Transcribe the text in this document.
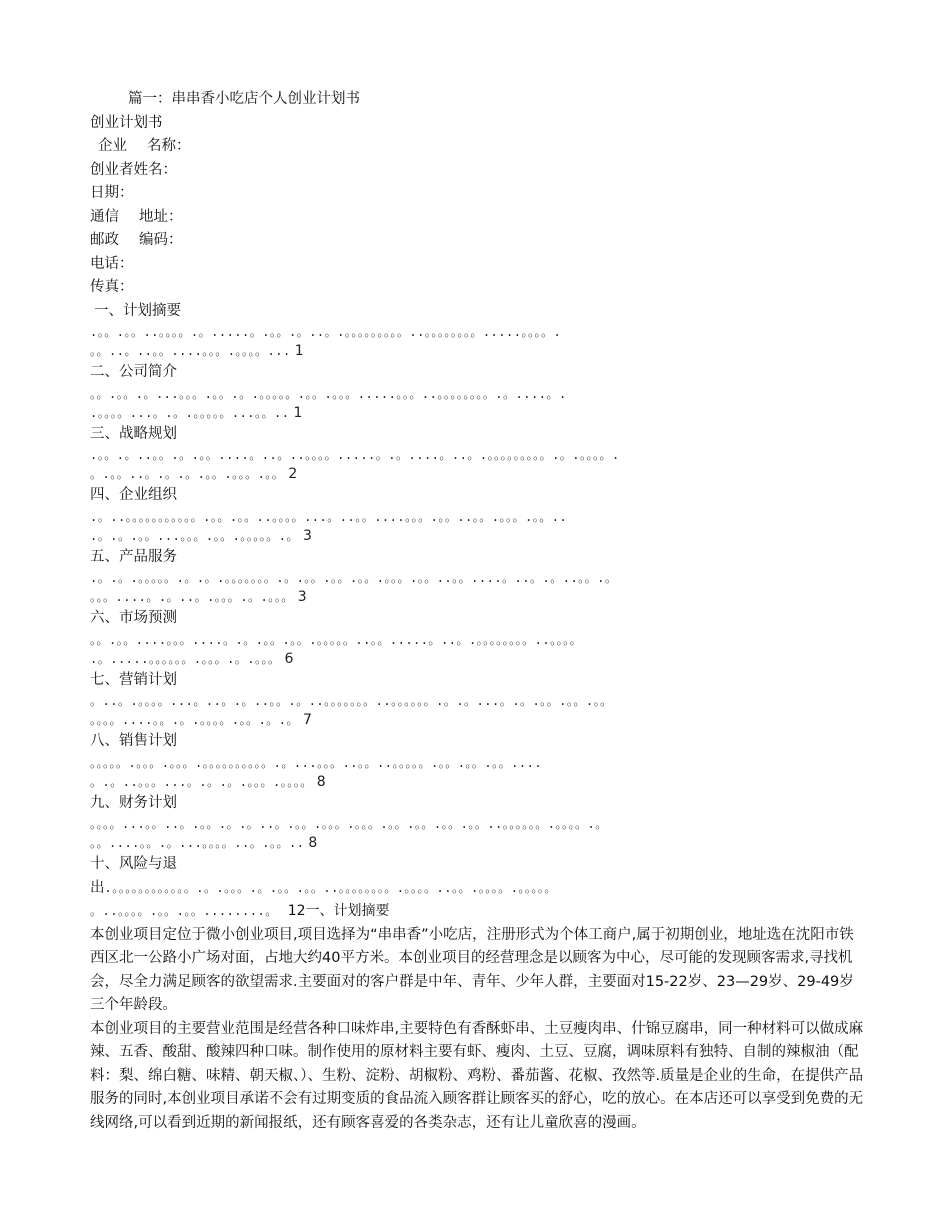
篇一：串串香小吃店个人创业计划书
创业计划书
企业 名称：
创业者姓名：
日期：
通信 地址：
邮政 编码：
电话：
传真：
一、计划摘要
.。。.。。..。。。。.。.....。.。。.。..。.。。。。。。。。。..。。。。。。。。.....。。。。.
。。..。..。。....。。。.。。。。... 1
二、公司简介
。。.。。.。...。。。.。。.。.。。。。。.。。.。。。.....。。。..。。。。。。。。.。....。.
.。。。。...。.。.。。。。。...。。.. 1
三、战略规划
.。。.。..。。.。.。。....。..。..。。。。.....。.。....。..。.。。。。。。。。。.。.。。。。.
。.。。..。.。.。.。。.。。。.。。 2
四、企业组织
.。..。。。。。。。。。。。.。。.。。..。。。。...。..。。....。。。.。。..。。.。。。.。。..
.。.。.。。...。。。.。。.。。。。。.。 3
五、产品服务
.。.。.。。。。。.。.。.。。。。。。。.。.。。.。。.。。.。。。.。。..。。....。..。.。..。。.。
。。。....。.。..。.。。。.。.。。。 3
六、市场预测
。。.。。....。。。....。.。.。。.。。.。。。。。..。。.....。..。.。。。。。。。。..。。。。
.。.....。。。。。。.。。。.。.。。。 6
七、营销计划
。..。.。。。。...。..。.。..。。.。..。。。。。。。..。。。。。。.。.。...。.。.。。.。。.。。
。。。。....。。.。.。。。。.。。.。.。 7
八、销售计划
。。。。。.。。。.。。。.。。。。。。。。。。.。...。。。..。。..。。。。。.。。.。。.。。....
。.。..。。。...。.。.。.。。。.。。。。 8
九、财务计划
。。。。...。。..。.。。.。.。..。.。。.。。。.。。。.。。.。。.。。.。。..。。。。。。.。。。。.。
。。....。。.。...。。。。..。.。。.. 8
十、风险与退
出.。。。。。。。。。。。。.。.。。。.。.。。.。。..。。。。。。。。.。。。。..。。.。。。。.。。。。。
。..。。。。.。。.。。........。 12一、计划摘要
本创业项目定位于微小创业项目,项目选择为“串串香”小吃店，注册形式为个体工商户,属于初期创业，地址选在沈阳市铁西区北一公路小广场对面，占地大约40平方米。本创业项目的经营理念是以顾客为中心，尽可能的发现顾客需求,寻找机会，尽全力满足顾客的欲望需求.主要面对的客户群是中年、青年、少年人群，主要面对15-22岁、23—29岁、29-49岁三个年龄段。
本创业项目的主要营业范围是经营各种口味炸串,主要特色有香酥虾串、土豆瘦肉串、什锦豆腐串，同一种材料可以做成麻辣、五香、酸甜、酸辣四种口味。制作使用的原材料主要有虾、瘦肉、土豆、豆腐，调味原料有独特、自制的辣椒油（配料：梨、绵白糖、味精、朝天椒、）、生粉、淀粉、胡椒粉、鸡粉、番茄酱、花椒、孜然等.质量是企业的生命，在提供产品服务的同时,本创业项目承诺不会有过期变质的食品流入顾客群让顾客买的舒心，吃的放心。在本店还可以享受到免费的无线网络,可以看到近期的新闻报纸，还有顾客喜爱的各类杂志，还有让儿童欣喜的漫画。
